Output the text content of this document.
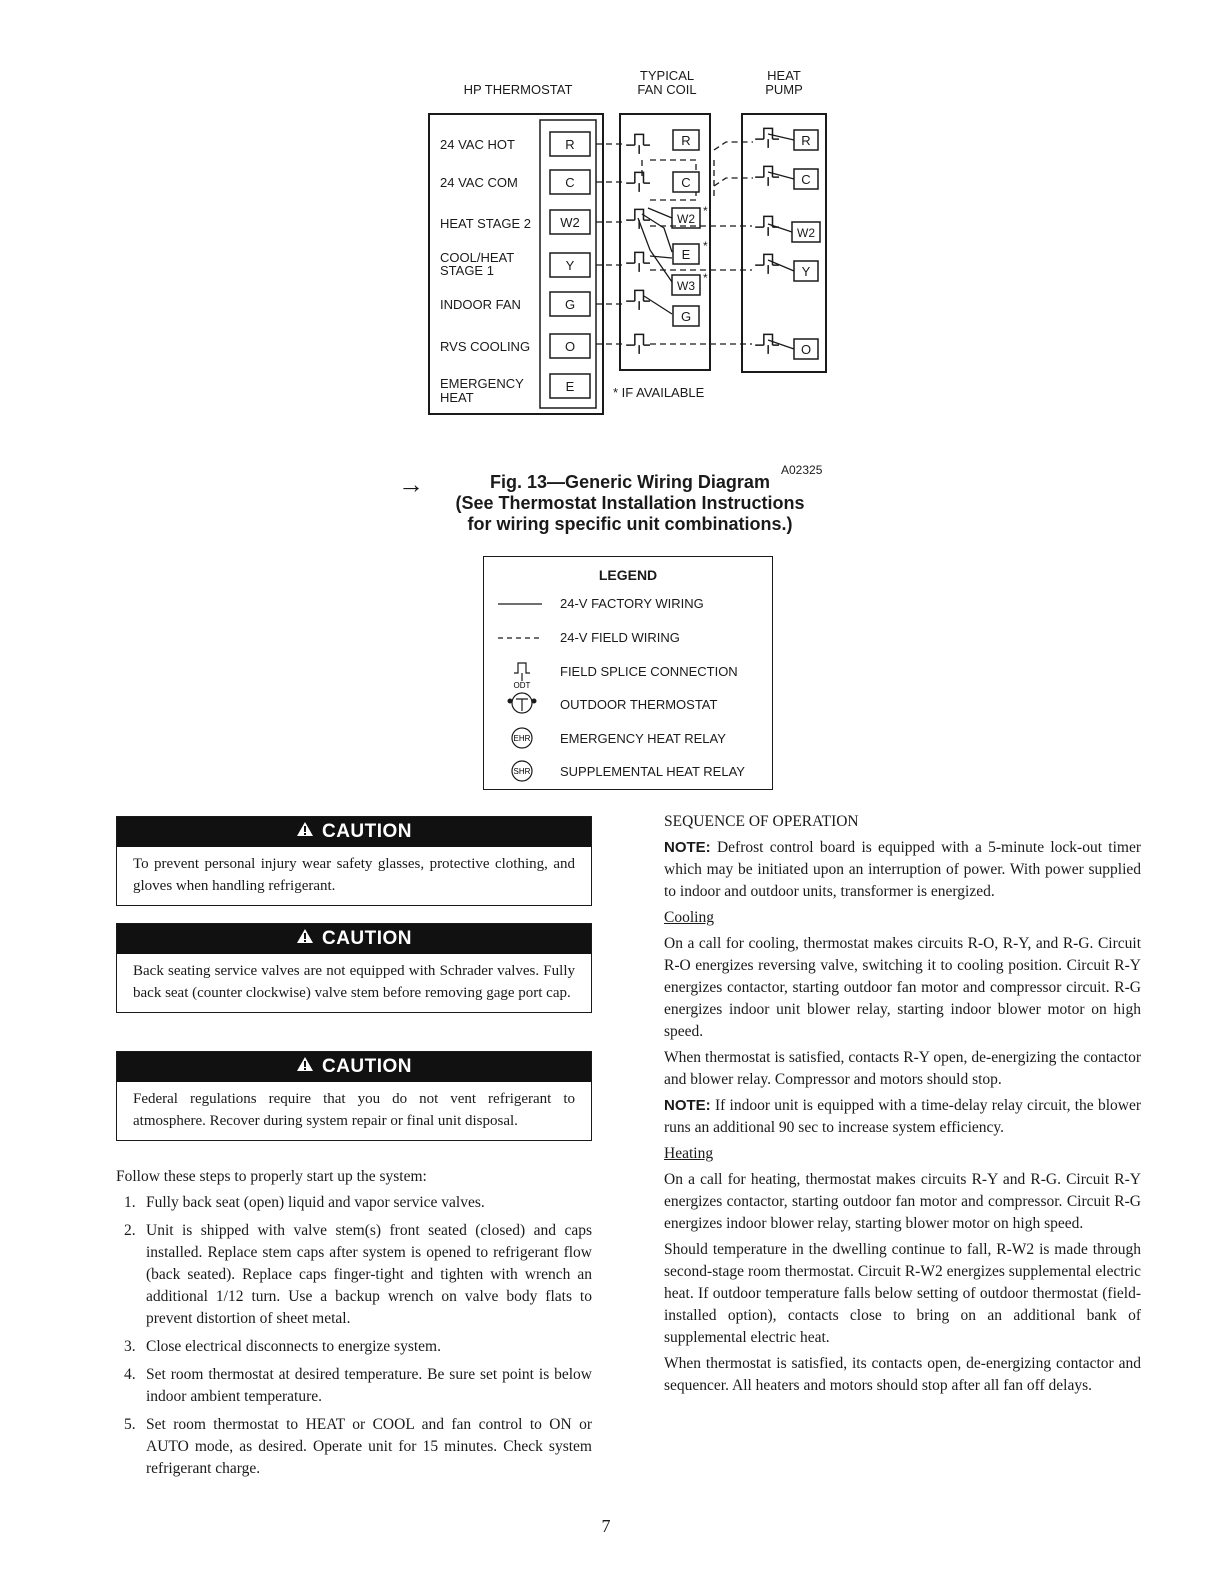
HP THERMOSTAT
TYPICAL
FAN COIL
HEAT
PUMP
24 VAC HOT
24 VAC COM
HEAT STAGE 2
COOL/HEAT
STAGE 1
INDOOR FAN
RVS COOLING
EMERGENCY
HEAT
R
C
W2
Y
G
O
E
R
C
W2
E
W3
G
*
*
*
R
C
W2
Y
O
* IF AVAILABLE
→	A02325
Fig. 13—Generic Wiring Diagram
(See Thermostat Installation Instructions
for wiring specific unit combinations.)
LEGEND
24-V FACTORY WIRING
24-V FIELD WIRING
FIELD SPLICE CONNECTION
ODT
OUTDOOR THERMOSTAT
EHR EMERGENCY HEAT RELAY
SHR SUPPLEMENTAL HEAT RELAY
CAUTION
To prevent personal injury wear safety glasses, protective clothing, and gloves when handling refrigerant.
CAUTION
Back seating service valves are not equipped with Schrader valves. Fully back seat (counter clockwise) valve stem before removing gage port cap.
CAUTION
Federal regulations require that you do not vent refrigerant to atmosphere. Recover during system repair or final unit disposal.

Follow these steps to properly start up the system:

1. Fully back seat (open) liquid and vapor service valves.
2. Unit is shipped with valve stem(s) front seated (closed) and caps installed. Replace stem caps after system is opened to refrigerant flow (back seated). Replace caps finger-tight and tighten with wrench an additional 1/12 turn. Use a backup wrench on valve body flats to prevent distortion of sheet metal.
3. Close electrical disconnects to energize system.
4. Set room thermostat at desired temperature. Be sure set point is below indoor ambient temperature.
5. Set room thermostat to HEAT or COOL and fan control to ON or AUTO mode, as desired. Operate unit for 15 minutes. Check system refrigerant charge.

SEQUENCE OF OPERATION

NOTE: Defrost control board is equipped with a 5-minute lock-out timer which may be initiated upon an interruption of power. With power supplied to indoor and outdoor units, transformer is energized.

Cooling

On a call for cooling, thermostat makes circuits R-O, R-Y, and R-G. Circuit R-O energizes reversing valve, switching it to cooling position. Circuit R-Y energizes contactor, starting outdoor fan motor and compressor circuit. R-G energizes indoor unit blower relay, starting indoor blower motor on high speed.

When thermostat is satisfied, contacts R-Y open, de-energizing the contactor and blower relay. Compressor and motors should stop.

NOTE: If indoor unit is equipped with a time-delay relay circuit, the blower runs an additional 90 sec to increase system efficiency.

Heating

On a call for heating, thermostat makes circuits R-Y and R-G. Circuit R-Y energizes contactor, starting outdoor fan motor and compressor. Circuit R-G energizes indoor blower relay, starting blower motor on high speed.

Should temperature in the dwelling continue to fall, R-W2 is made through second-stage room thermostat. Circuit R-W2 energizes supplemental electric heat. If outdoor temperature falls below setting of outdoor thermostat (field-installed option), contacts close to bring on an additional bank of supplemental electric heat.

When thermostat is satisfied, its contacts open, de-energizing contactor and sequencer. All heaters and motors should stop after all fan off delays.

7
